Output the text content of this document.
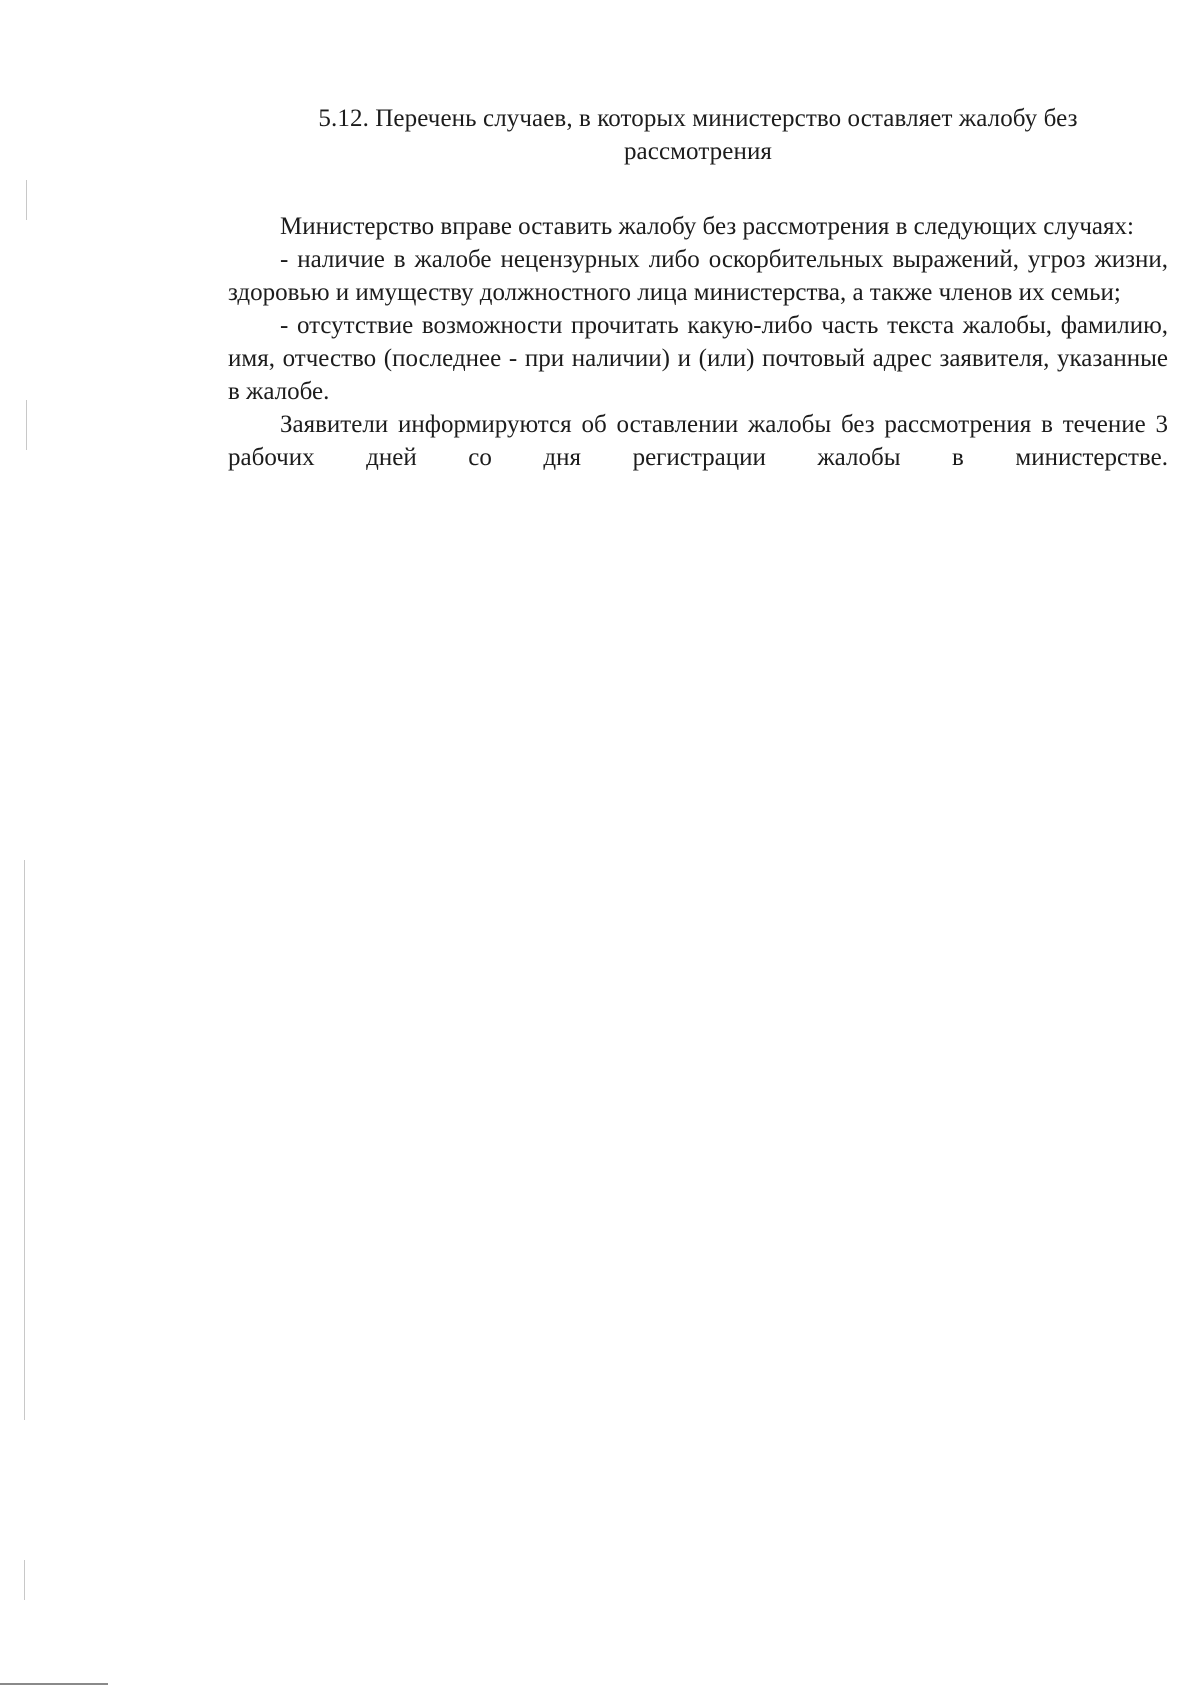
5.12. Перечень случаев, в которых министерство оставляет жалобу без
рассмотрения

Министерство вправе оставить жалобу без рассмотрения в следующих случаях:

- наличие в жалобе нецензурных либо оскорбительных выражений, угроз жизни, здоровью и имуществу должностного лица министерства, а также членов их семьи;

- отсутствие возможности прочитать какую-либо часть текста жалобы, фамилию, имя, отчество (последнее - при наличии) и (или) почтовый адрес заявителя, указанные в жалобе.

Заявители информируются об оставлении жалобы без рассмотрения в течение 3 рабочих дней со дня регистрации жалобы в министерстве.
